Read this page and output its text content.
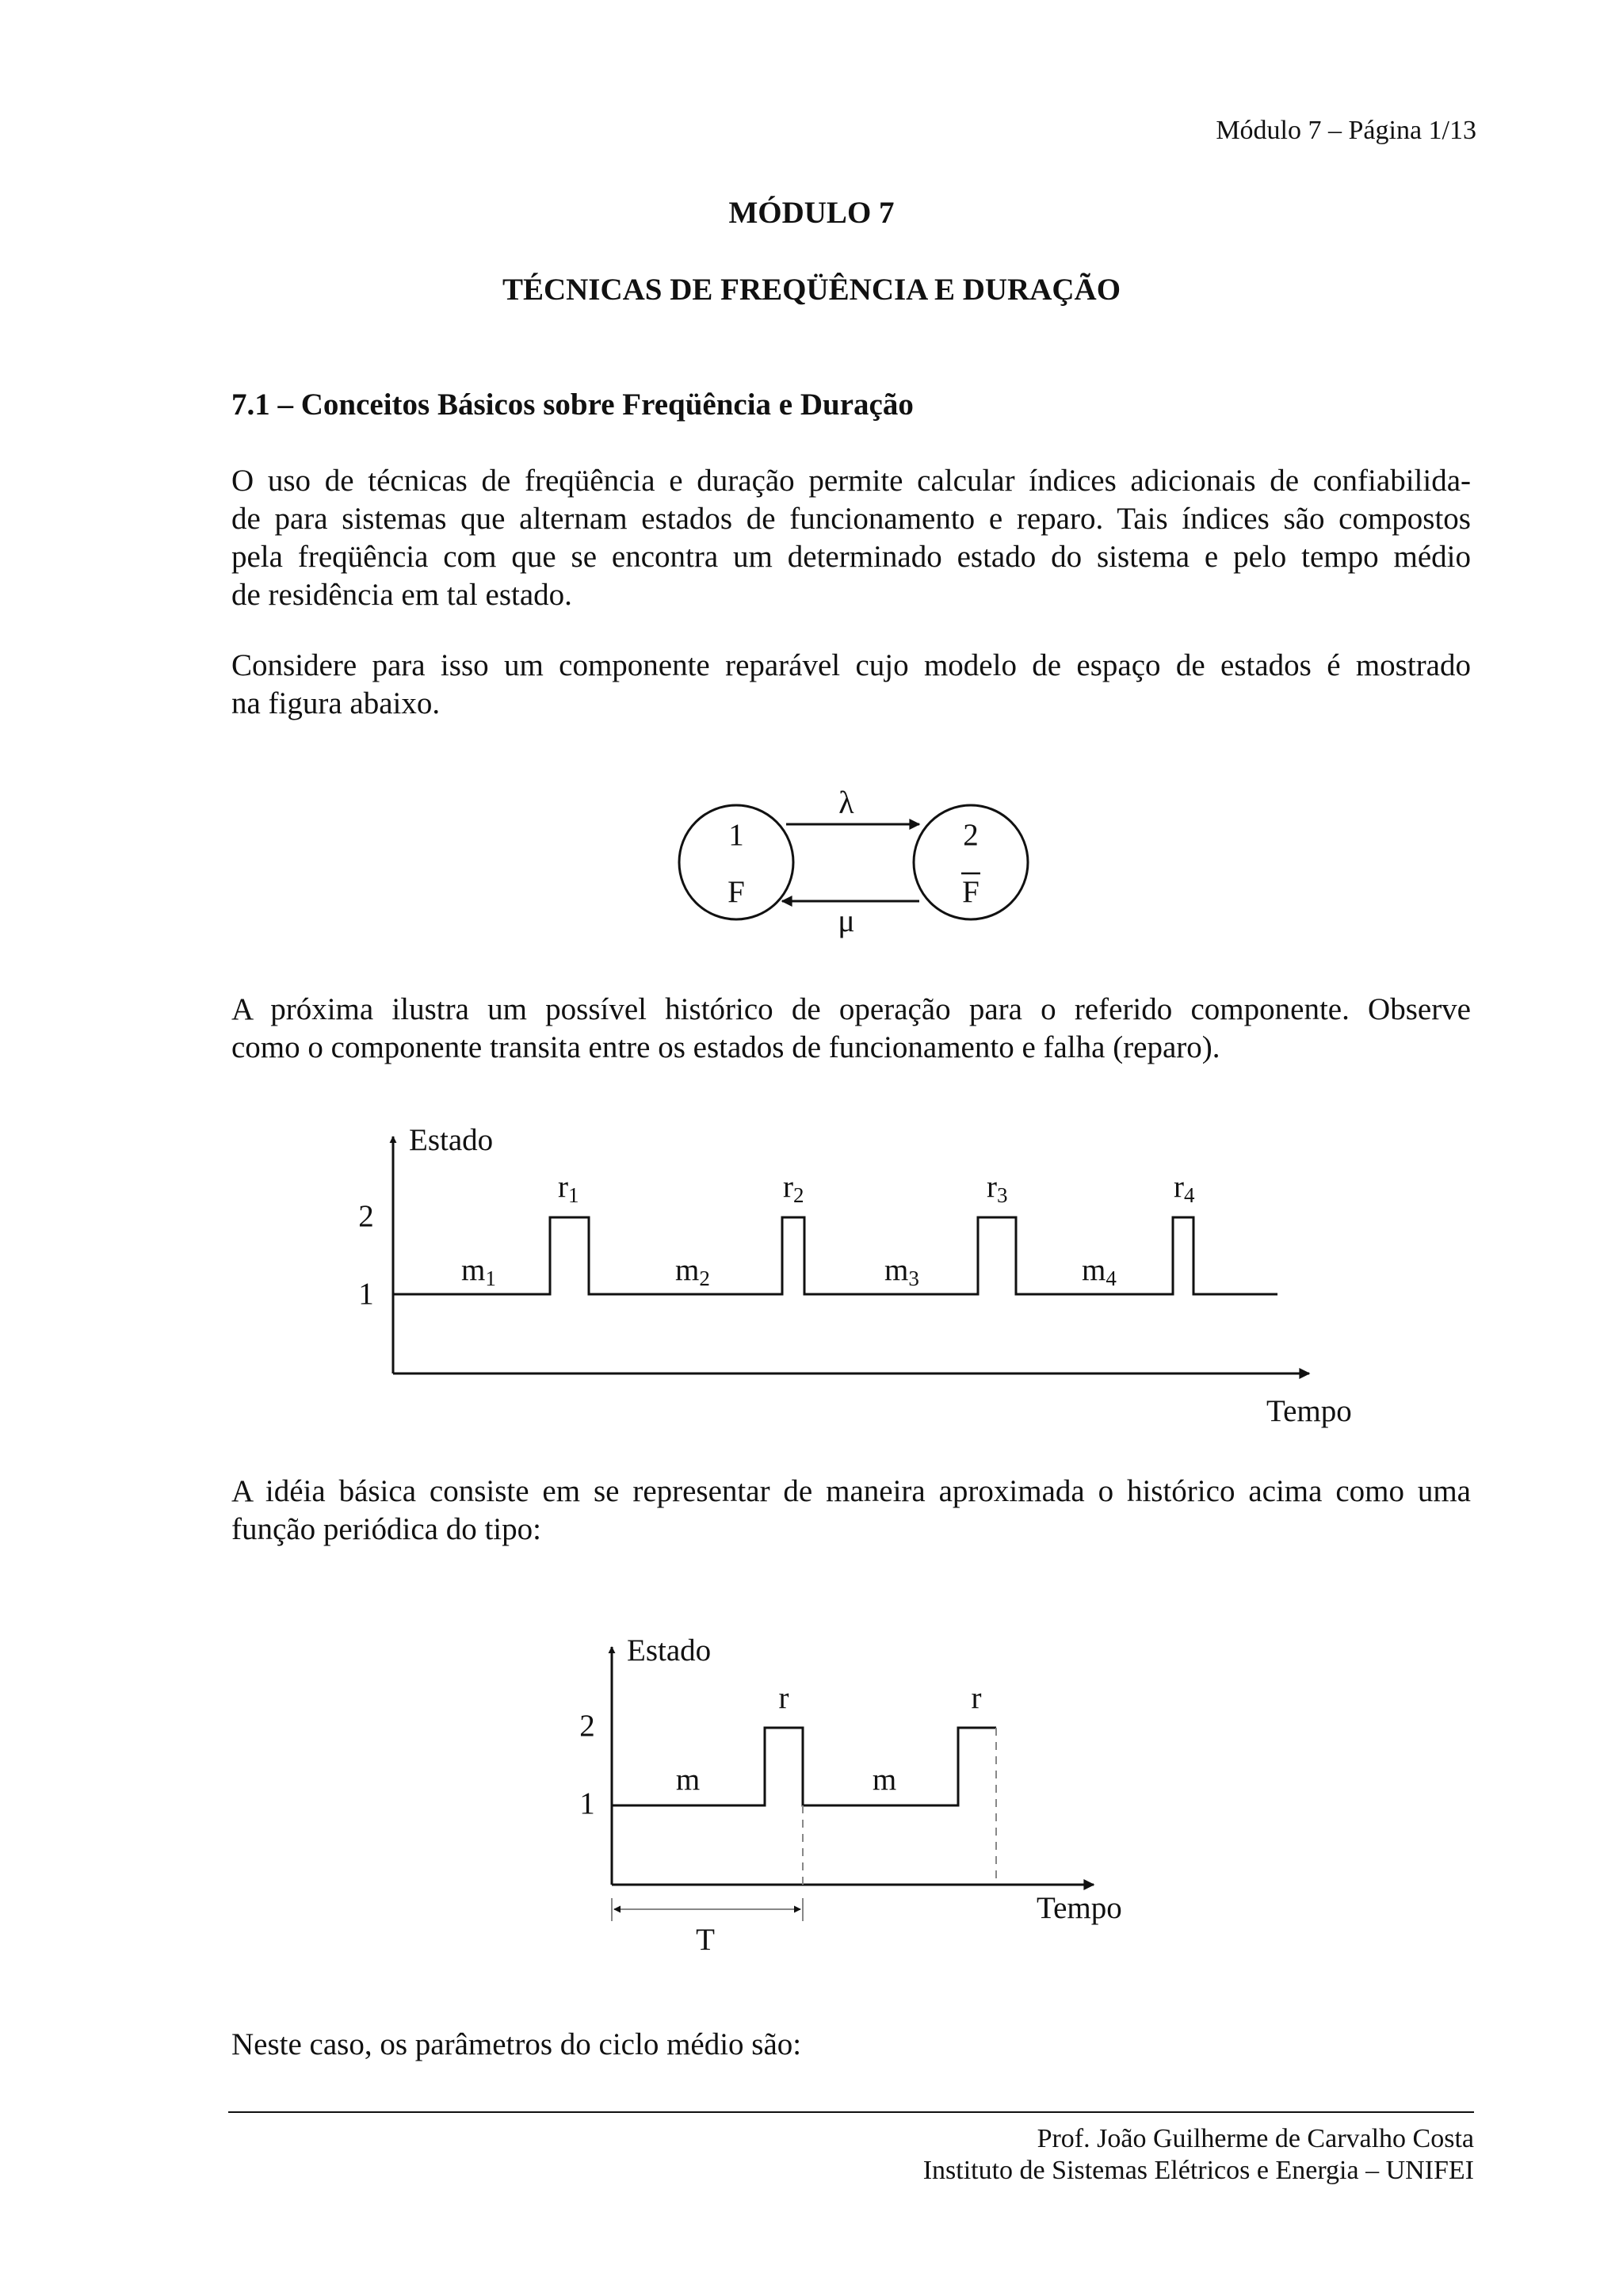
Módulo 7 – Página 1/13
MÓDULO 7
TÉCNICAS DE FREQÜÊNCIA E DURAÇÃO
7.1 – Conceitos Básicos sobre Freqüência e Duração
O uso de técnicas de freqüência e duração permite calcular índices adicionais de confiabilida-
de para sistemas que alternam estados de funcionamento e reparo. Tais índices são compostos
pela freqüência com que se encontra um determinado estado do sistema e pelo tempo médio
de residência em tal estado.
Considere para isso um componente reparável cujo modelo de espaço de estados é mostrado
na figura abaixo.
A próxima ilustra um possível histórico de operação para o referido componente. Observe
como o componente transita entre os estados de funcionamento e falha (reparo).
A idéia básica consiste em se representar de maneira aproximada o histórico acima como uma
função periódica do tipo:
Neste caso, os parâmetros do ciclo médio são:
1
F
2
F
λ
μ
Estado
Tempo
2
1
m1	m2	m3	m4
r1	r2	r3	r4
Estado
Tempo
2
1
m	m
r	r
T
Prof. João Guilherme de Carvalho Costa
Instituto de Sistemas Elétricos e Energia – UNIFEI
